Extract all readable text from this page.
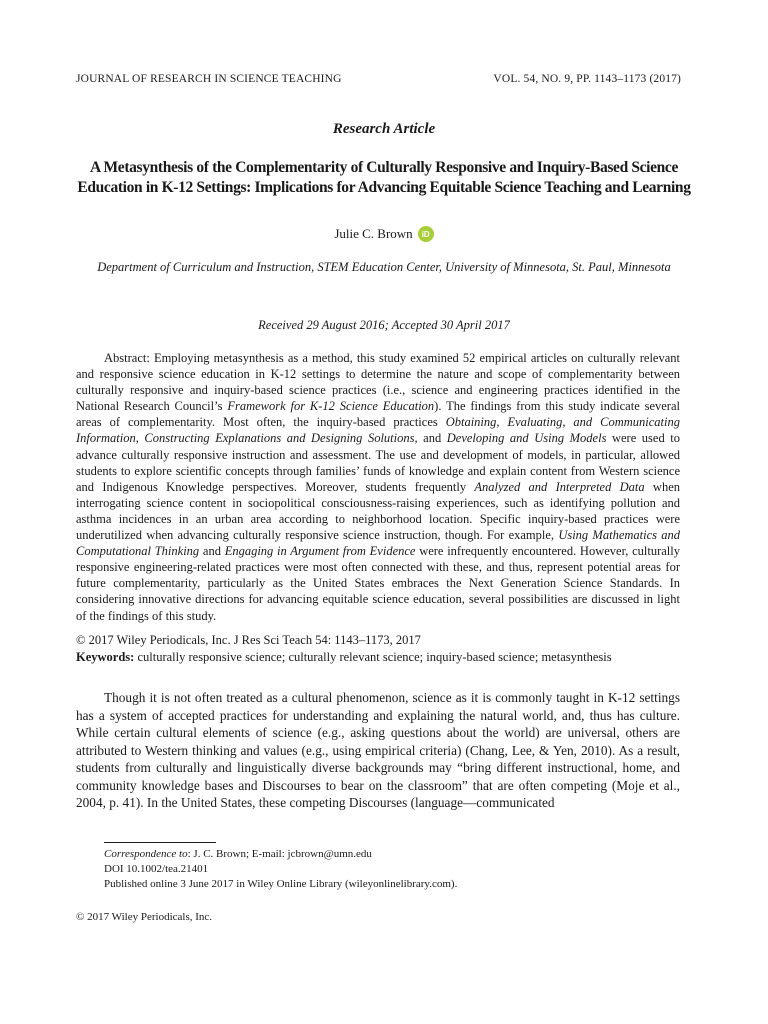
JOURNAL OF RESEARCH IN SCIENCE TEACHING	VOL. 54, NO. 9, PP. 1143–1173 (2017)
Research Article
A Metasynthesis of the Complementarity of Culturally Responsive and Inquiry-Based Science Education in K-12 Settings: Implications for Advancing Equitable Science Teaching and Learning
Julie C. Brown	iD
Department of Curriculum and Instruction, STEM Education Center, University of Minnesota, St. Paul, Minnesota
Received 29 August 2016; Accepted 30 April 2017

Abstract: Employing metasynthesis as a method, this study examined 52 empirical articles on culturally relevant and responsive science education in K-12 settings to determine the nature and scope of complementarity between culturally responsive and inquiry-based science practices (i.e., science and engineering practices identified in the National Research Council’s Framework for K-12 Science Education). The findings from this study indicate several areas of complementarity. Most often, the inquiry-based practices Obtaining, Evaluating, and Communicating Information, Constructing Explanations and Designing Solutions, and Developing and Using Models were used to advance culturally responsive instruction and assessment. The use and development of models, in particular, allowed students to explore scientific concepts through families’ funds of knowledge and explain content from Western science and Indigenous Knowledge perspectives. Moreover, students frequently Analyzed and Interpreted Data when interrogating science content in sociopolitical consciousness-raising experiences, such as identifying pollution and asthma incidences in an urban area according to neighborhood location. Specific inquiry-based practices were underutilized when advancing culturally responsive science instruction, though. For example, Using Mathematics and Computational Thinking and Engaging in Argument from Evidence were infrequently encountered. However, culturally responsive engineering-related practices were most often connected with these, and thus, represent potential areas for future complementarity, particularly as the United States embraces the Next Generation Science Standards. In considering innovative directions for advancing equitable science education, several possibilities are discussed in light of the findings of this study.

© 2017 Wiley Periodicals, Inc. J Res Sci Teach 54: 1143–1173, 2017
Keywords: culturally responsive science; culturally relevant science; inquiry-based science; metasynthesis

Though it is not often treated as a cultural phenomenon, science as it is commonly taught in K-12 settings has a system of accepted practices for understanding and explaining the natural world, and, thus has culture. While certain cultural elements of science (e.g., asking questions about the world) are universal, others are attributed to Western thinking and values (e.g., using empirical criteria) (Chang, Lee, & Yen, 2010). As a result, students from culturally and linguistically diverse backgrounds may “bring different instructional, home, and community knowledge bases and Discourses to bear on the classroom” that are often competing (Moje et al., 2004, p. 41). In the United States, these competing Discourses (language—communicated

Correspondence to: J. C. Brown; E-mail: jcbrown@umn.edu
DOI 10.1002/tea.21401
Published online 3 June 2017 in Wiley Online Library (wileyonlinelibrary.com).
© 2017 Wiley Periodicals, Inc.
